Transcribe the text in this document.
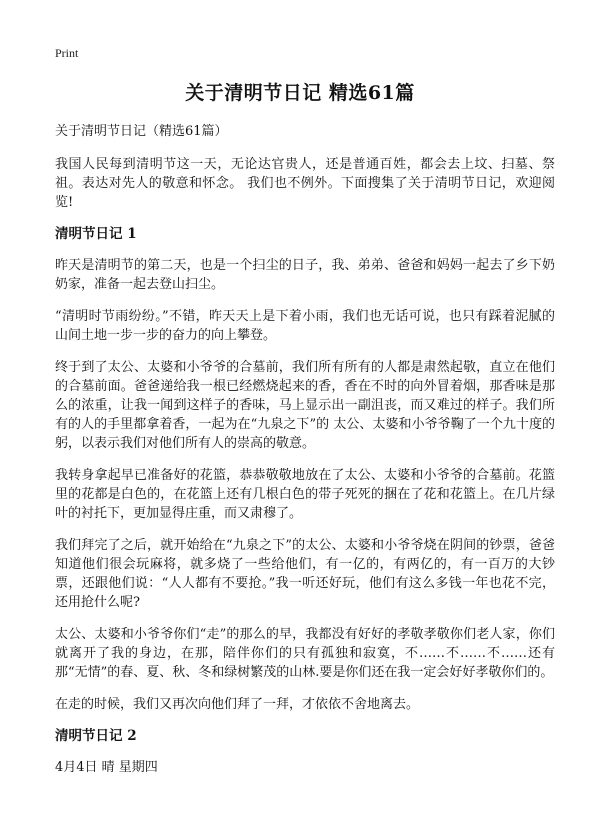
Print
关于清明节日记 精选61篇

关于清明节日记（精选61篇）

我国人民每到清明节这一天，无论达官贵人，还是普通百姓，都会去上坟、扫墓、祭祖。表达对先人的敬意和怀念。 我们也不例外。下面搜集了关于清明节日记，欢迎阅览!

清明节日记 1

昨天是清明节的第二天，也是一个扫尘的日子，我、弟弟、爸爸和妈妈一起去了乡下奶奶家，准备一起去登山扫尘。

“清明时节雨纷纷。”不错，昨天天上是下着小雨，我们也无话可说，也只有踩着泥腻的山间土地一步一步的奋力的向上攀登。

终于到了太公、太婆和小爷爷的合墓前，我们所有所有的人都是肃然起敬，直立在他们的合墓前面。爸爸递给我一根已经燃烧起来的香，香在不时的向外冒着烟，那香味是那么的浓重，让我一闻到这样子的香味，马上显示出一副沮丧，而又难过的样子。我们所有的人的手里都拿着香，一起为在“九泉之下”的 太公、太婆和小爷爷鞠了一个九十度的躬，以表示我们对他们所有人的崇高的敬意。

我转身拿起早已准备好的花篮，恭恭敬敬地放在了太公、太婆和小爷爷的合墓前。花篮里的花都是白色的，在花篮上还有几根白色的带子死死的捆在了花和花篮上。在几片绿叶的衬托下，更加显得庄重，而又肃穆了。

我们拜完了之后，就开始给在“九泉之下”的太公、太婆和小爷爷烧在阴间的钞票，爸爸知道他们很会玩麻将，就多烧了一些给他们，有一亿的，有两亿的，有一百万的大钞票，还跟他们说：“人人都有不要抢。”我一听还好玩，他们有这么多钱一年也花不完，还用抢什么呢?

太公、太婆和小爷爷你们“走”的那么的早，我都没有好好的孝敬孝敬你们老人家，你们就离开了我的身边，在那，陪伴你们的只有孤独和寂寞，不……不……不……还有那“无情”的春、夏、秋、冬和绿树繁茂的山林.要是你们还在我一定会好好孝敬你们的。

在走的时候，我们又再次向他们拜了一拜，才依依不舍地离去。

清明节日记 2

4月4日 晴 星期四
